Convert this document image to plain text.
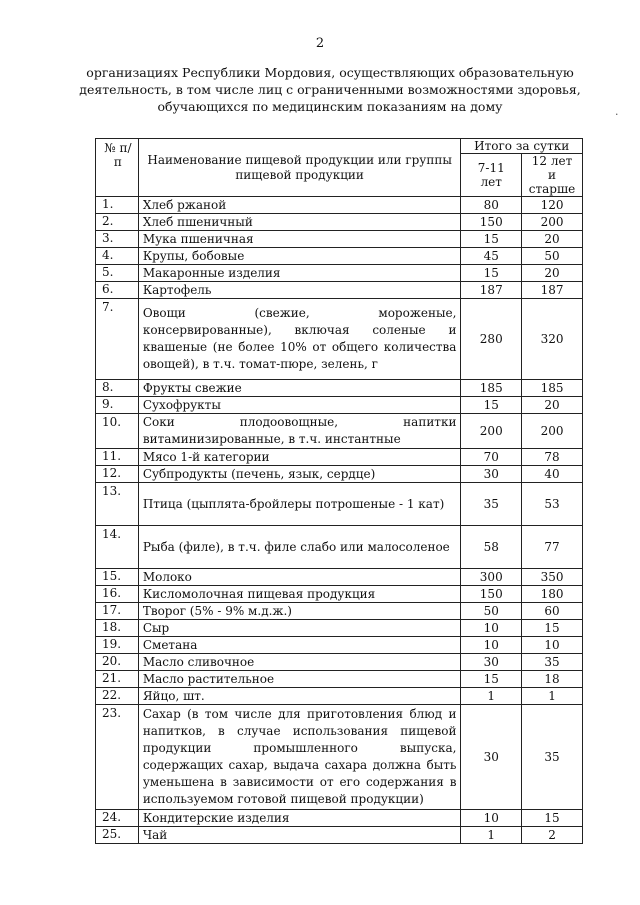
2
организациях Республики Мордовия, осуществляющих образовательную
деятельность, в том числе лиц с ограниченными возможностями здоровья,
обучающихся по медицинским показаниям на дому
№ п/п	Наименование пищевой продукции или группы пищевой продукции	Итого за сутки	
		7-11 лет	12 лет и старше
1.	Хлеб ржаной	80	120
2.	Хлеб пшеничный	150	200
3.	Мука пшеничная	15	20
4.	Крупы, бобовые	45	50
5.	Макаронные изделия	15	20
6.	Картофель	187	187
7.	Овощи (свежие, мороженые, консервированные), включая соленые и квашеные (не более 10% от общего количества овощей), в т.ч. томат-пюре, зелень, г	280	320
8.	Фрукты свежие	185	185
9.	Сухофрукты	15	20
10.	Соки плодоовощные, напитки витаминизированные, в т.ч. инстантные	200	200
11.	Мясо 1-й категории	70	78
12.	Субпродукты (печень, язык, сердце)	30	40
13.	Птица (цыплята-бройлеры потрошеные - 1 кат)	35	53
14.	Рыба (филе), в т.ч. филе слабо или малосоленое	58	77
15.	Молоко	300	350
16.	Кисломолочная пищевая продукция	150	180
17.	Творог (5% - 9% м.д.ж.)	50	60
18.	Сыр	10	15
19.	Сметана	10	10
20.	Масло сливочное	30	35
21.	Масло растительное	15	18
22.	Яйцо, шт.	1	1
23.	Сахар (в том числе для приготовления блюд и напитков, в случае использования пищевой продукции промышленного выпуска, содержащих сахар, выдача сахара должна быть уменьшена в зависимости от его содержания в используемом готовой пищевой продукции)	30	35
24.	Кондитерские изделия	10	15
25.	Чай	1	2
·
